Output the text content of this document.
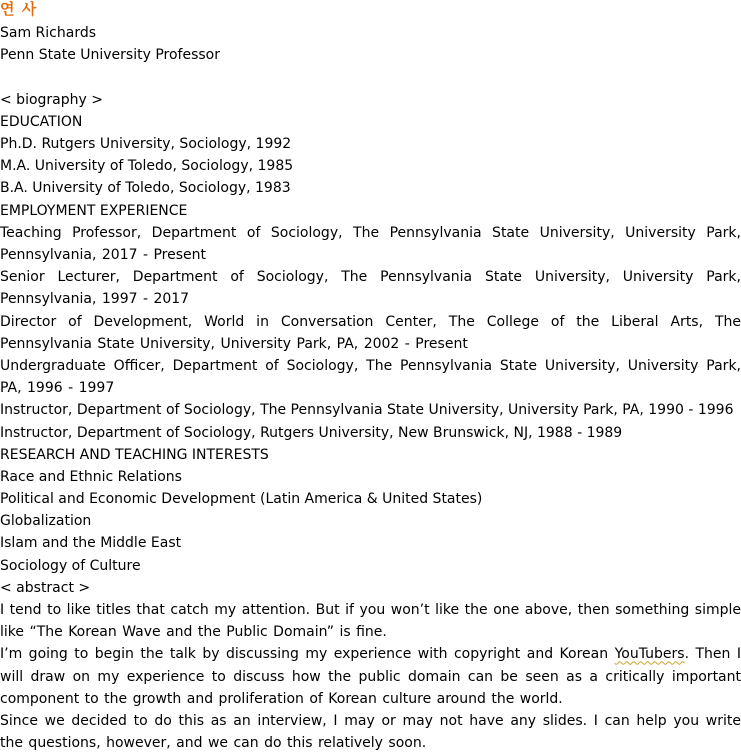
연 사
Sam Richards
Penn State University Professor
< biography >
EDUCATION
Ph.D. Rutgers University, Sociology, 1992
M.A. University of Toledo, Sociology, 1985
B.A. University of Toledo, Sociology, 1983
EMPLOYMENT EXPERIENCE
Teaching Professor, Department of Sociology, The Pennsylvania State University, University Park, Pennsylvania, 2017 - Present
Senior Lecturer, Department of Sociology, The Pennsylvania State University, University Park, Pennsylvania, 1997 - 2017
Director of Development, World in Conversation Center, The College of the Liberal Arts, The Pennsylvania State University, University Park, PA, 2002 - Present
Undergraduate Officer, Department of Sociology, The Pennsylvania State University, University Park, PA, 1996 - 1997
Instructor, Department of Sociology, The Pennsylvania State University, University Park, PA, 1990 - 1996
Instructor, Department of Sociology, Rutgers University, New Brunswick, NJ, 1988 - 1989
RESEARCH AND TEACHING INTERESTS
Race and Ethnic Relations
Political and Economic Development (Latin America & United States)
Globalization
Islam and the Middle East
Sociology of Culture
< abstract >
I tend to like titles that catch my attention. But if you won’t like the one above, then something simple like “The Korean Wave and the Public Domain” is fine.
I’m going to begin the talk by discussing my experience with copyright and Korean YouTubers. Then I will draw on my experience to discuss how the public domain can be seen as a critically important component to the growth and proliferation of Korean culture around the world.
Since we decided to do this as an interview, I may or may not have any slides. I can help you write the questions, however, and we can do this relatively soon.
